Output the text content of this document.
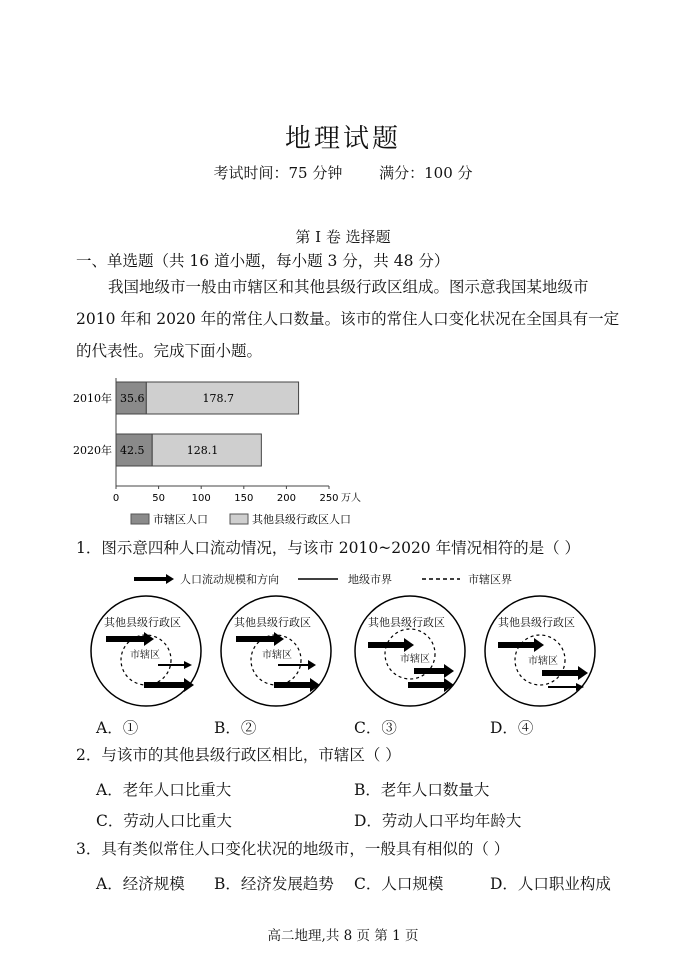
地理试题
考试时间：75 分钟 满分：100 分
第 I 卷 选择题
一、单选题（共 16 道小题，每小题 3 分，共 48 分）
我国地级市一般由市辖区和其他县级行政区组成。图示意我国某地级市
2010 年和 2020 年的常住人口数量。该市的常住人口变化状况在全国具有一定
的代表性。完成下面小题。
2010年 35.6	178.7
2020年 42.5	128.1
0	50	100 150 200 250 万人
市辖区人口	其他县级行政区人口
1．图示意四种人口流动情况，与该市 2010~2020 年情况相符的是（ ）
人口流动规模和方向	地级市界	市辖区界
其他县级行政区
市辖区
其他县级行政区
市辖区
其他县级行政区
市辖区
其他县级行政区
市辖区
A．①	B．②	C．③	D．④
2．与该市的其他县级行政区相比，市辖区（ ）
A．老年人口比重大	B．老年人口数量大
C．劳动人口比重大	D．劳动人口平均年龄大
3．具有类似常住人口变化状况的地级市，一般具有相似的（ ）
A．经济规模 B．经济发展趋势 C．人口规模	D．人口职业构成
高二地理,共 8 页 第 1 页
